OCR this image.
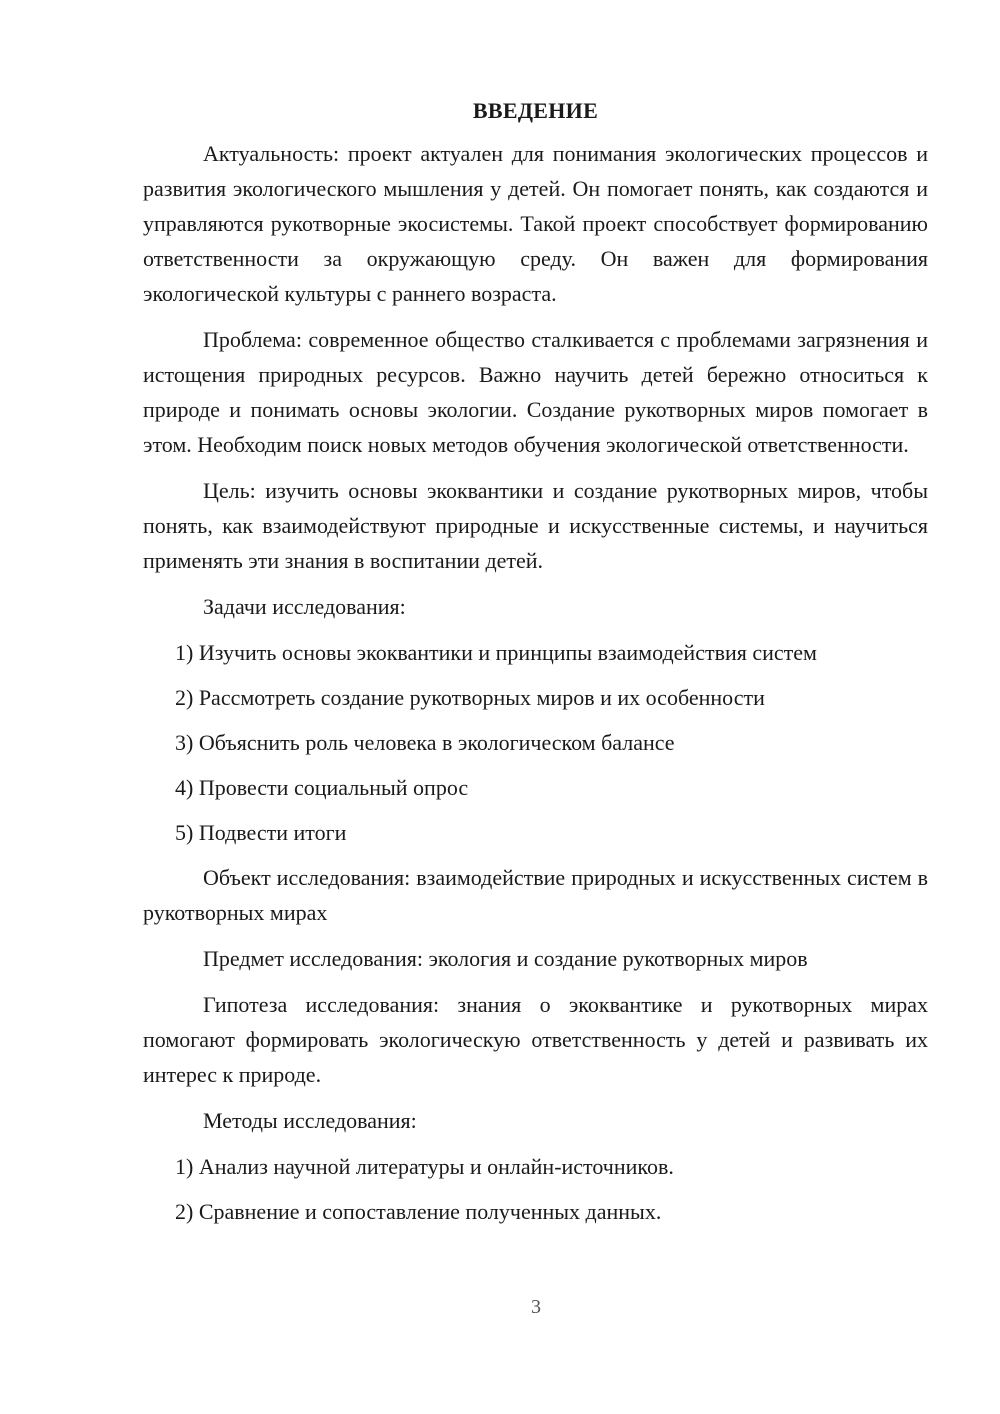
ВВЕДЕНИЕ

Актуальность: проект актуален для понимания экологических процессов и развития экологического мышления у детей. Он помогает понять, как создаются и управляются рукотворные экосистемы. Такой проект способствует формированию ответственности за окружающую среду. Он важен для формирования экологической культуры с раннего возраста.

Проблема: современное общество сталкивается с проблемами загрязнения и истощения природных ресурсов. Важно научить детей бережно относиться к природе и понимать основы экологии. Создание рукотворных миров помогает в этом. Необходим поиск новых методов обучения экологической ответственности.

Цель: изучить основы экоквантики и создание рукотворных миров, чтобы понять, как взаимодействуют природные и искусственные системы, и научиться применять эти знания в воспитании детей.

Задачи исследования:

1) Изучить основы экоквантики и принципы взаимодействия систем

2) Рассмотреть создание рукотворных миров и их особенности

3) Объяснить роль человека в экологическом балансе

4) Провести социальный опрос

5) Подвести итоги

Объект исследования: взаимодействие природных и искусственных систем в рукотворных мирах

Предмет исследования: экология и создание рукотворных миров

Гипотеза исследования: знания о экоквантике и рукотворных мирах помогают формировать экологическую ответственность у детей и развивать их интерес к природе.

Методы исследования:

1) Анализ научной литературы и онлайн-источников.

2) Сравнение и сопоставление полученных данных.

3
